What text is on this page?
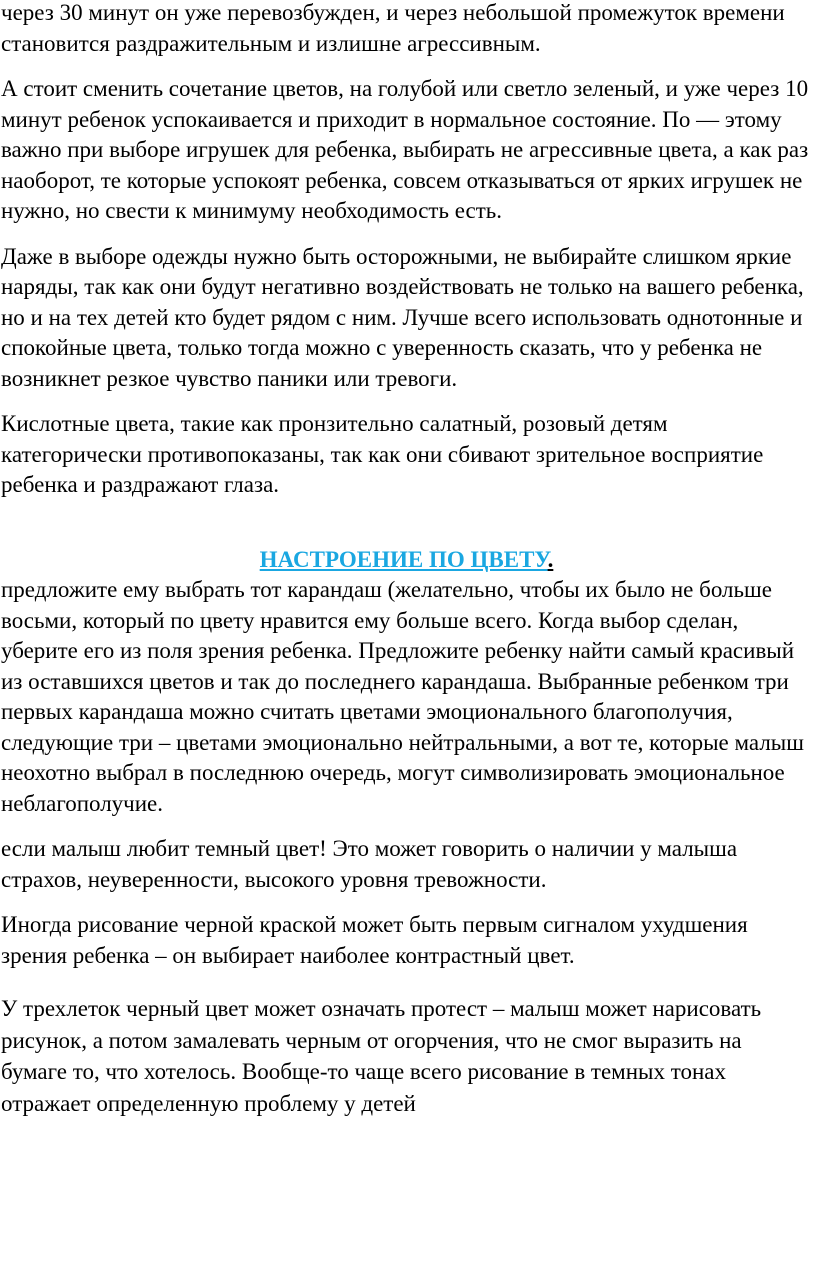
через 30 минут он уже перевозбужден, и через небольшой промежуток времени становится раздражительным и излишне агрессивным.

А стоит сменить сочетание цветов, на голубой или светло зеленый, и уже через 10 минут ребенок успокаивается и приходит в нормальное состояние. По — этому важно при выборе игрушек для ребенка, выбирать не агрессивные цвета, а как раз наоборот, те которые успокоят ребенка, совсем отказываться от ярких игрушек не нужно, но свести к минимуму необходимость есть.

Даже в выборе одежды нужно быть осторожными, не выбирайте слишком яркие наряды, так как они будут негативно воздействовать не только на вашего ребенка, но и на тех детей кто будет рядом с ним. Лучше всего использовать однотонные и спокойные цвета, только тогда можно с уверенность сказать, что у ребенка не возникнет резкое чувство паники или тревоги.

Кислотные цвета, такие как пронзительно салатный, розовый детям категорически противопоказаны, так как они сбивают зрительное восприятие ребенка и раздражают глаза.

НАСТРОЕНИЕ ПО ЦВЕТУ.

предложите ему выбрать тот карандаш (желательно, чтобы их было не больше восьми, который по цвету нравится ему больше всего. Когда выбор сделан, уберите его из поля зрения ребенка. Предложите ребенку найти самый красивый из оставшихся цветов и так до последнего карандаша. Выбранные ребенком три первых карандаша можно считать цветами эмоционального благополучия, следующие три – цветами эмоционально нейтральными, а вот те, которые малыш неохотно выбрал в последнюю очередь, могут символизировать эмоциональное неблагополучие.

если малыш любит темный цвет! Это может говорить о наличии у малыша страхов, неуверенности, высокого уровня тревожности.

Иногда рисование черной краской может быть первым сигналом ухудшения зрения ребенка – он выбирает наиболее контрастный цвет.

У трехлеток черный цвет может означать протест – малыш может нарисовать рисунок, а потом замалевать черным от огорчения, что не смог выразить на бумаге то, что хотелось. Вообще-то чаще всего рисование в темных тонах отражает определенную проблему у детей
